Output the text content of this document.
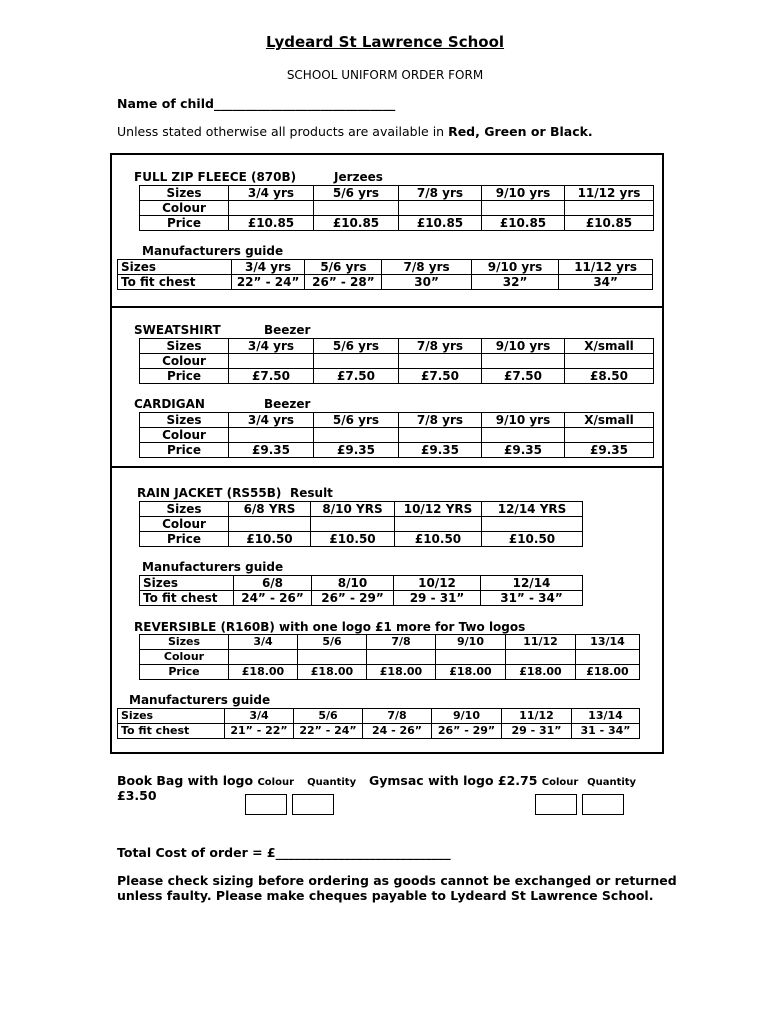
Lydeard St Lawrence School
SCHOOL UNIFORM ORDER FORM
Name of child_____________________________
Unless stated otherwise all products are available in Red, Green or Black.
FULL ZIP FLEECE (870B)	Jerzees
Sizes	3/4 yrs	5/6 yrs	7/8 yrs	9/10 yrs	11/12 yrs
Colour					
Price	£10.85	£10.85	£10.85	£10.85	£10.85
Manufacturers guide
Sizes	3/4 yrs	5/6 yrs	7/8 yrs	9/10 yrs	11/12 yrs
To fit chest	22” - 24”	26” - 28”	30”	32”	34”
SWEATSHIRT	Beezer
Sizes	3/4 yrs	5/6 yrs	7/8 yrs	9/10 yrs	X/small
Colour					
Price	£7.50	£7.50	£7.50	£7.50	£8.50
CARDIGAN	Beezer
Sizes	3/4 yrs	5/6 yrs	7/8 yrs	9/10 yrs	X/small
Colour					
Price	£9.35	£9.35	£9.35	£9.35	£9.35
RAIN JACKET (RS55B) Result
Sizes	6/8 YRS	8/10 YRS	10/12 YRS	12/14 YRS
Colour				
Price	£10.50	£10.50	£10.50	£10.50
Manufacturers guide
Sizes	6/8	8/10	10/12	12/14
To fit chest	24” - 26”	26” - 29”	29 - 31”	31” - 34”
REVERSIBLE (R160B) with one logo £1 more for Two logos
Sizes	3/4	5/6	7/8	9/10	11/12	13/14
Colour						
Price	£18.00	£18.00	£18.00	£18.00	£18.00	£18.00
Manufacturers guide
Sizes	3/4	5/6	7/8	9/10	11/12	13/14
To fit chest	21” - 22”	22” - 24”	24 - 26”	26” - 29”	29 - 31”	31 - 34”
Book Bag with logo Colour Quantity
£3.50
Gymsac with logo £2.75 Colour Quantity
Total Cost of order = £____________________________
Please check sizing before ordering as goods cannot be exchanged or returned
unless faulty. Please make cheques payable to Lydeard St Lawrence School.
